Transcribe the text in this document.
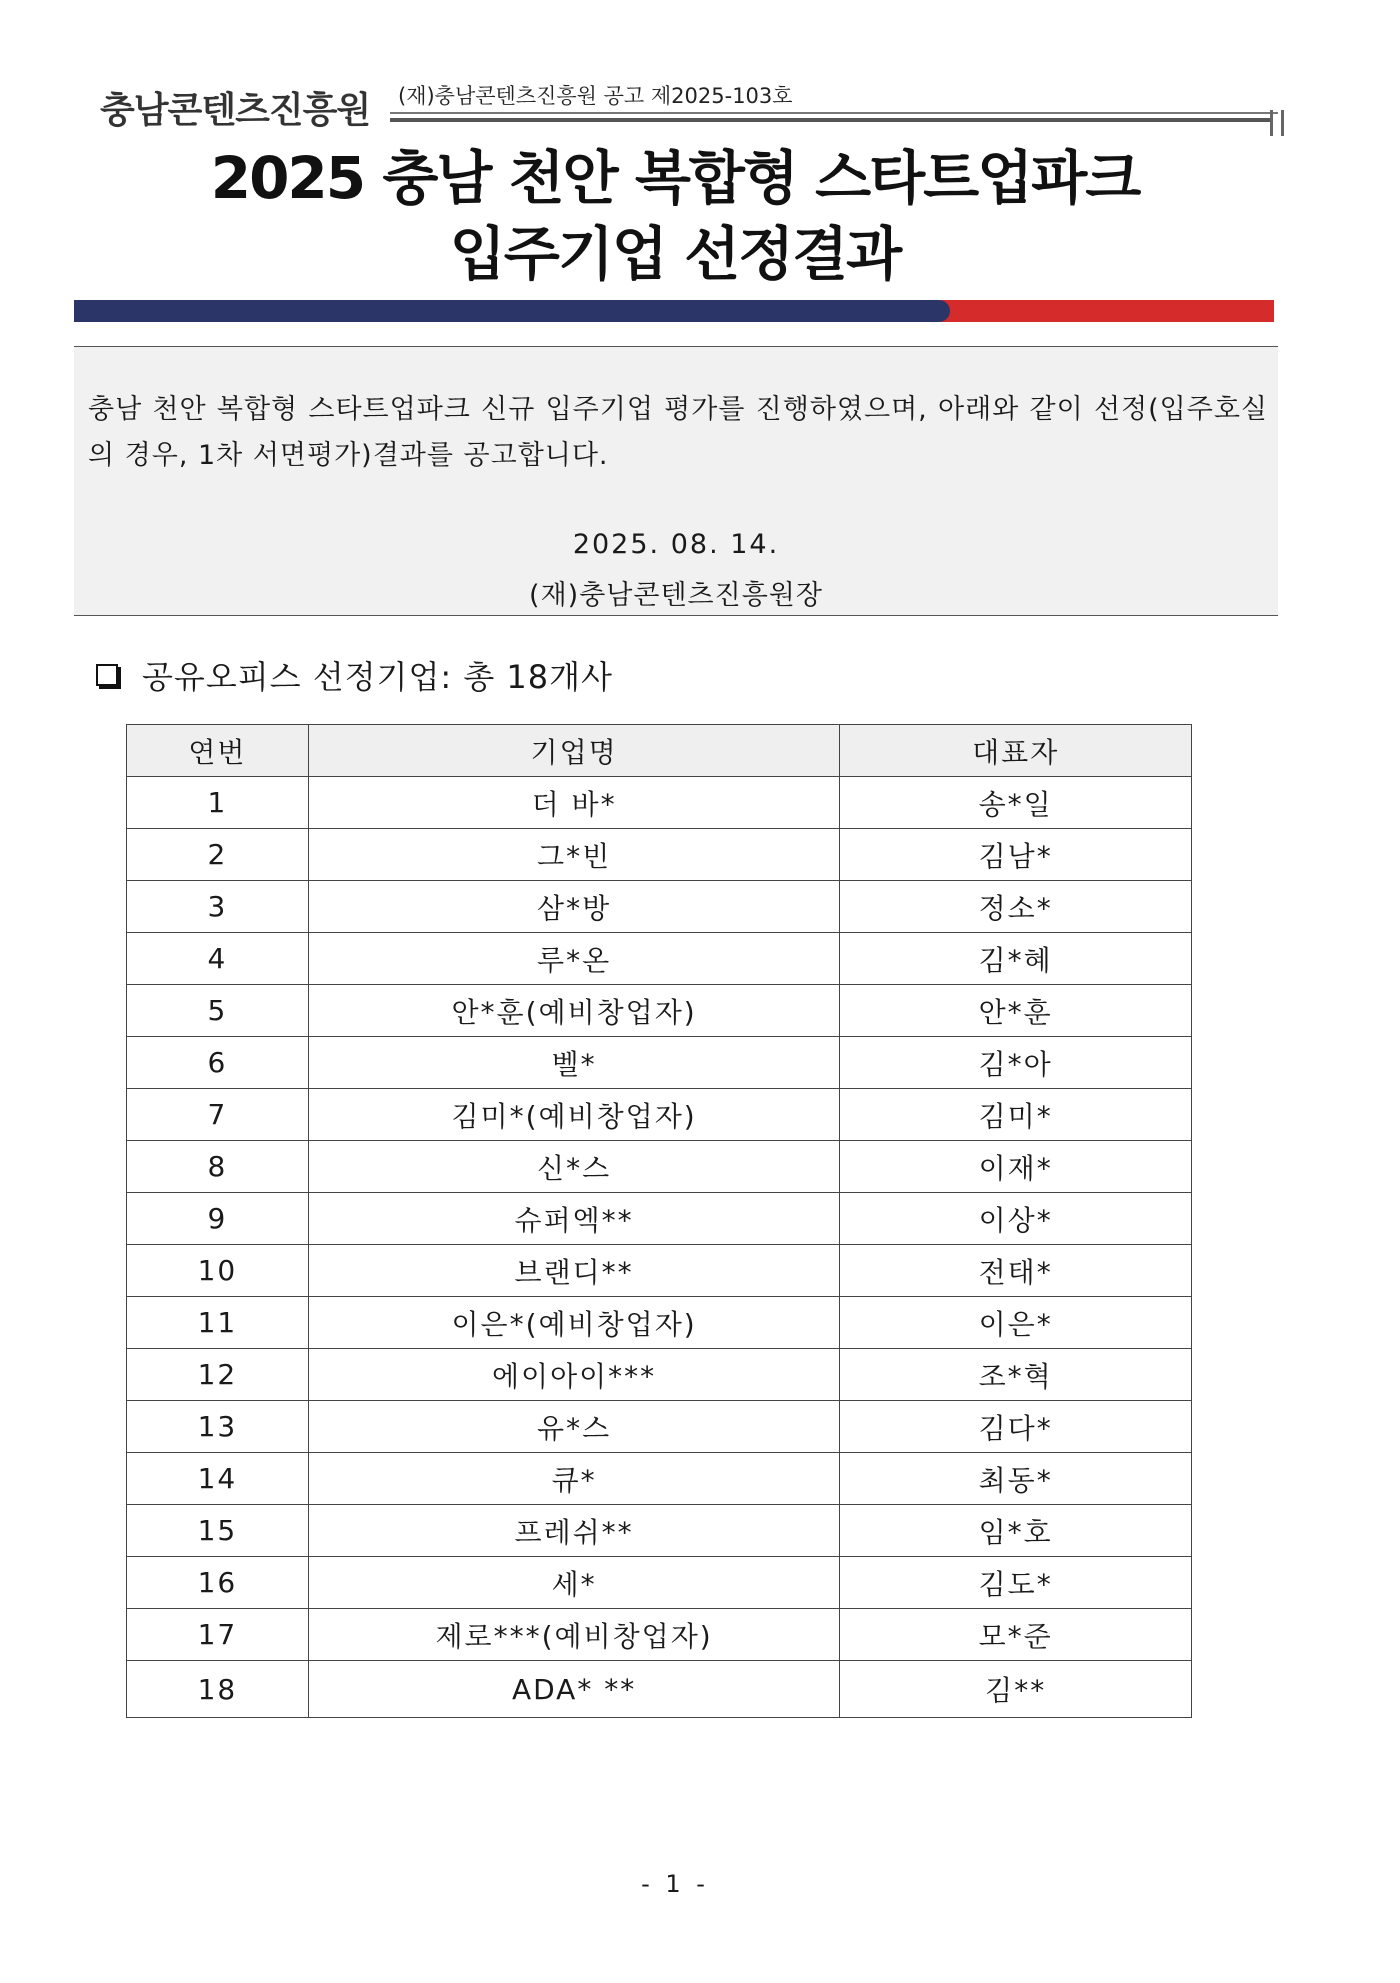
충남콘텐츠진흥원 (재)충남콘텐츠진흥원 공고 제2025-103호
2025 충남 천안 복합형 스타트업파크
입주기업 선정결과
충남 천안 복합형 스타트업파크 신규 입주기업 평가를 진행하였으며, 아래와 같이 선정(입주호실의 경우, 1차 서면평가)결과를 공고합니다.
2025. 08. 14.
(재)충남콘텐츠진흥원장
공유오피스 선정기업: 총 18개사
연번	기업명	대표자
1	더 바*	송*일
2	그*빈	김남*
3	삼*방	정소*
4	루*온	김*혜
5	안*훈(예비창업자)	안*훈
6	벨*	김*아
7	김미*(예비창업자)	김미*
8	신*스	이재*
9	슈퍼엑**	이상*
10	브랜디**	전태*
11	이은*(예비창업자)	이은*
12	에이아이***	조*혁
13	유*스	김다*
14	큐*	최동*
15	프레쉬**	임*호
16	세*	김도*
17	제로***(예비창업자)	모*준
18	ADA* **	김**
- 1 -
